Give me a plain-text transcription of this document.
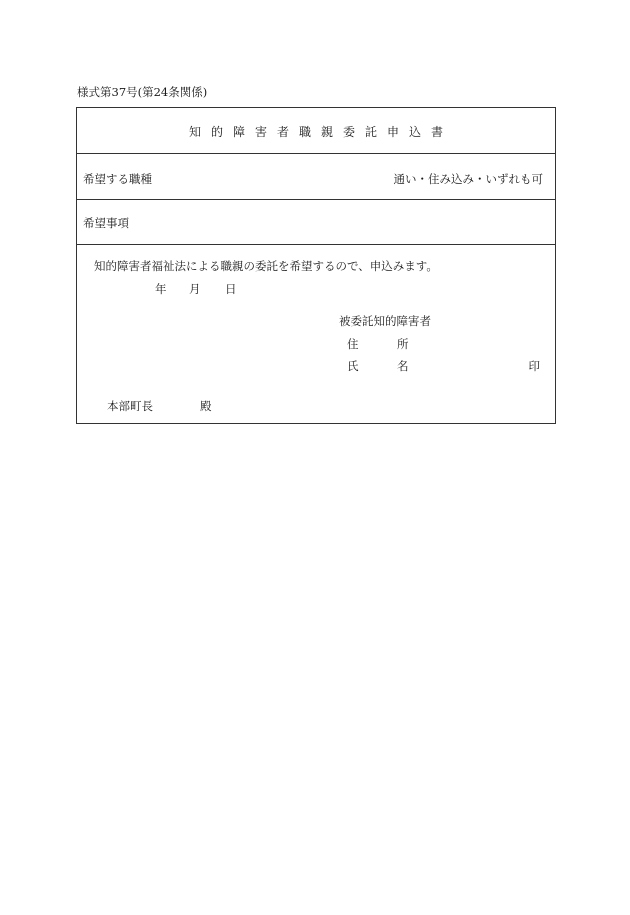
様式第37号(第24条関係)
知的障害者職親委託申込書
希望する職種	通い・住み込み・いずれも可
希望事項
知的障害者福祉法による職親の委託を希望するので、申込みます。
年 月 日
被委託知的障害者
住	所
氏	名	印
本部町長	殿
